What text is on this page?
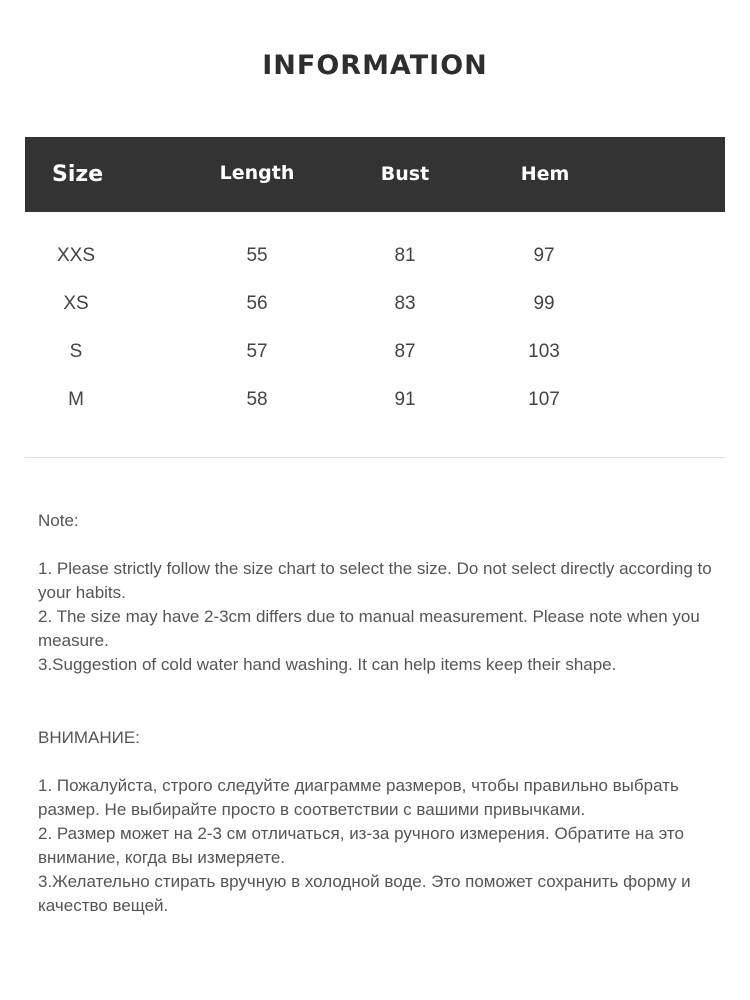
INFORMATION
Size	Length	Bust	Hem
XXS	55	81	97
XS	56	83	99
S	57	87	103
M	58	91	107

Note:

1. Please strictly follow the size chart to select the size. Do not select directly according to your habits.

2. The size may have 2-3cm differs due to manual measurement. Please note when you measure.

3.Suggestion of cold water hand washing. It can help items keep their shape.

ВНИМАНИЕ:

1. Пожалуйста, строго следуйте диаграмме размеров, чтобы правильно выбрать размер. Не выбирайте просто в соответствии с вашими привычками.

2. Размер может на 2-3 см отличаться, из-за ручного измерения. Обратите на это внимание, когда вы измеряете.

3.Желательно стирать вручную в холодной воде. Это поможет сохранить форму и качество вещей.
